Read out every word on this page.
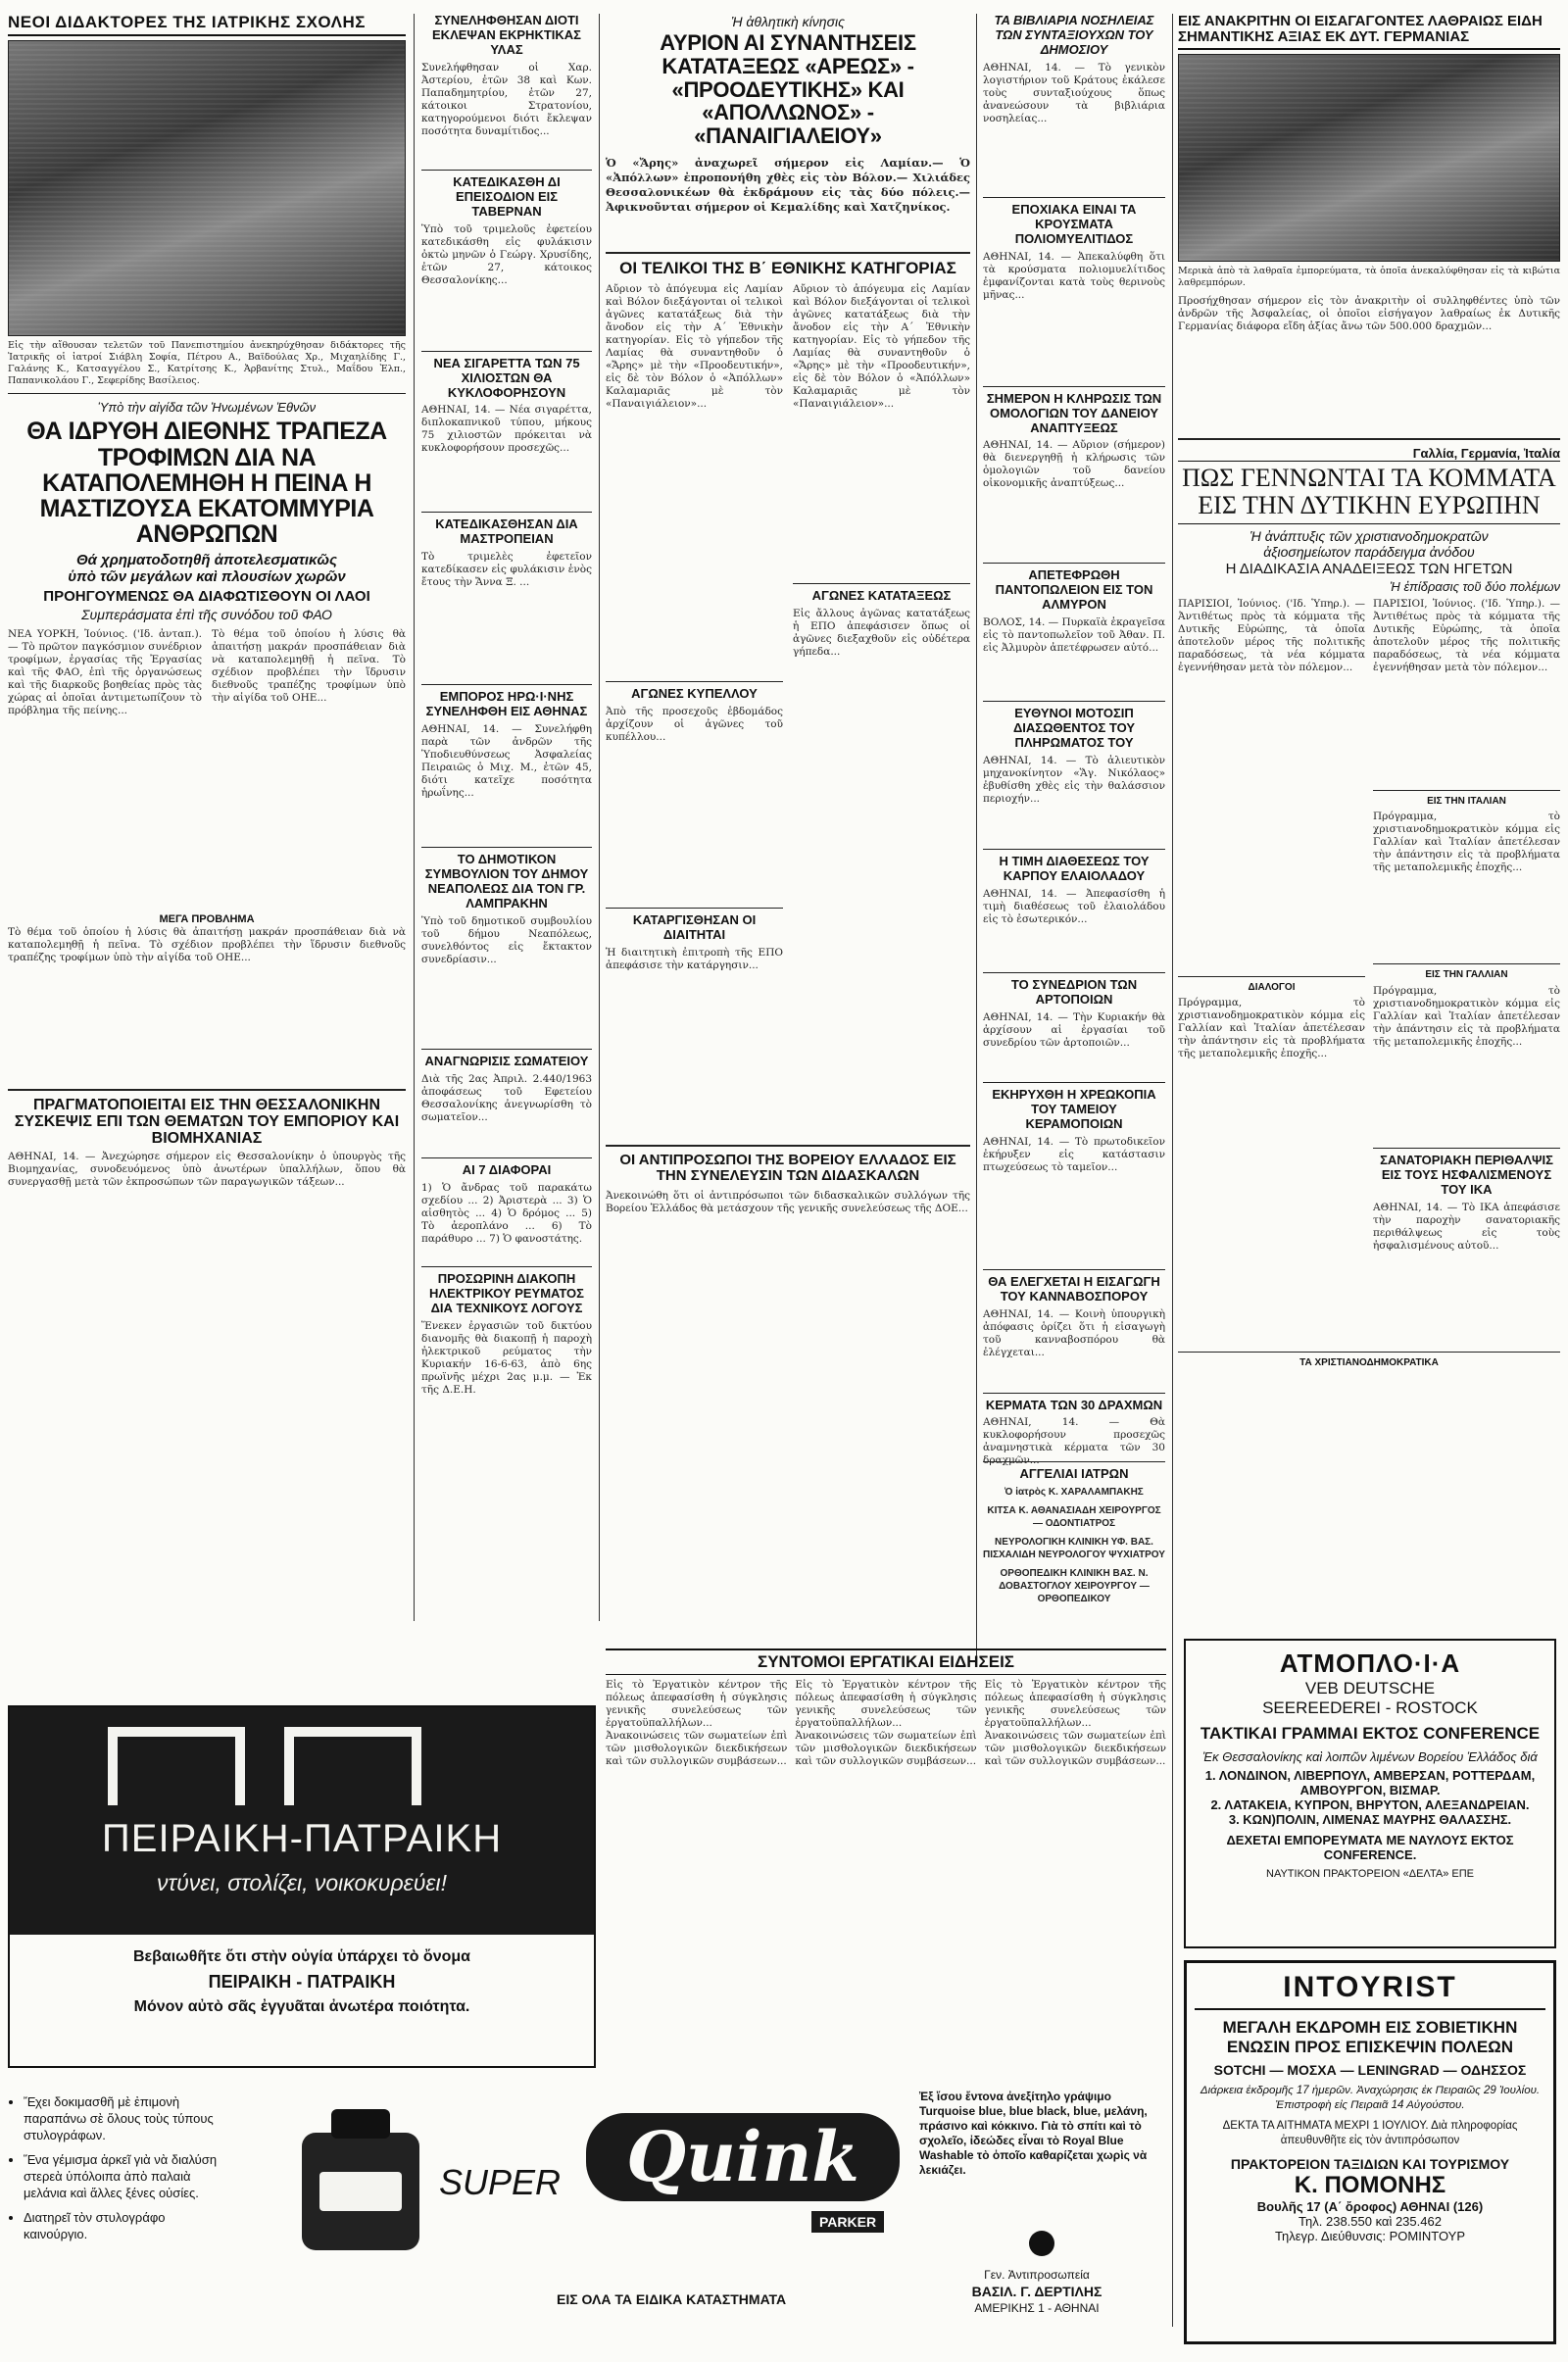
ΝΕΟΙ ΔΙΔΑΚΤΟΡΕΣ ΤΗΣ ΙΑΤΡΙΚΗΣ ΣΧΟΛΗΣ

Εἰς τὴν αἴθουσαν τελετῶν τοῦ Πανεπιστημίου ἀνεκηρύχθησαν διδάκτορες τῆς Ἰατρικῆς οἱ ἰατροί Σιάβλη Σοφία, Πέτρου Α., Βαϊδούλας Χρ., Μιχαηλίδης Γ., Γαλάνης Κ., Κατσαγγέλου Σ., Κατρίτσης Κ., Ἀρβανίτης Στυλ., Μαΐδου Ἐλπ., Παπανικολάου Γ., Σεφερίδης Βασίλειος.

Ὑπὸ τὴν αἰγίδα τῶν Ἡνωμένων Ἐθνῶν

ΘΑ ΙΔΡΥΘΗ ΔΙΕΘΝΗΣ ΤΡΑΠΕΖΑ ΤΡΟΦΙΜΩΝ ΔΙΑ ΝΑ ΚΑΤΑΠΟΛΕΜΗΘΗ Η ΠΕΙΝΑ Η ΜΑΣΤΙΖΟΥΣΑ ΕΚΑΤΟΜΜΥΡΙΑ ΑΝΘΡΩΠΩΝ

Θά χρηματοδοτηθῆ ἀποτελεσματικῶς

ὑπὸ τῶν μεγάλων καὶ πλουσίων χωρῶν

ΠΡΟΗΓΟΥΜΕΝΩΣ ΘΑ ΔΙΑΦΩΤΙΣΘΟΥΝ ΟΙ ΛΑΟΙ

Συμπεράσματα ἐπὶ τῆς συνόδου τοῦ ΦΑΟ

ΝΕΑ ΥΟΡΚΗ, Ἰούνιος. ('Ιδ. ἀνταπ.). — Τὸ πρῶτον παγκόσμιον συνέδριον τροφίμων, ἐργασίας τῆς Ἐργασίας καὶ τῆς ΦΑΟ, ἐπὶ τῆς ὀργανώσεως καὶ τῆς διαρκοῦς βοηθείας πρὸς τὰς χώρας αἱ ὁποῖαι ἀντιμετωπίζουν τὸ πρόβλημα τῆς πείνης...

Τὸ θέμα τοῦ ὁποίου ἡ λύσις θὰ ἀπαιτήσῃ μακράν προσπάθειαν διὰ νὰ καταπολεμηθῇ ἡ πεῖνα. Τὸ σχέδιον προβλέπει τὴν ἵδρυσιν διεθνοῦς τραπέζης τροφίμων ὑπὸ τὴν αἰγίδα τοῦ ΟΗΕ...

ΜΕΓΑ ΠΡΟΒΛΗΜΑ

Τὸ θέμα τοῦ ὁποίου ἡ λύσις θὰ ἀπαιτήσῃ μακράν προσπάθειαν διὰ νὰ καταπολεμηθῇ ἡ πεῖνα. Τὸ σχέδιον προβλέπει τὴν ἵδρυσιν διεθνοῦς τραπέζης τροφίμων ὑπὸ τὴν αἰγίδα τοῦ ΟΗΕ...

ΠΡΑΓΜΑΤΟΠΟΙΕΙΤΑΙ ΕΙΣ ΤΗΝ ΘΕΣΣΑΛΟΝΙΚΗΝ ΣΥΣΚΕΨΙΣ ΕΠΙ ΤΩΝ ΘΕΜΑΤΩΝ ΤΟΥ ΕΜΠΟΡΙΟΥ ΚΑΙ ΒΙΟΜΗΧΑΝΙΑΣ

ΑΘΗΝΑΙ, 14. — Ἀνεχώρησε σήμερον εἰς Θεσσαλονίκην ὁ ὑπουργὸς τῆς Βιομηχανίας, συνοδευόμενος ὑπὸ ἀνωτέρων ὑπαλλήλων, ὅπου θὰ συνεργασθῇ μετὰ τῶν ἐκπροσώπων τῶν παραγωγικῶν τάξεων...

ΣΥΝΕΛΗΦΘΗΣΑΝ ΔΙΟΤΙ ΕΚΛΕΨΑΝ ΕΚΡΗΚΤΙΚΑΣ ΥΛΑΣ

Συνελήφθησαν οἱ Χαρ. Ἀστερίου, ἐτῶν 38 καὶ Κων. Παπαδημητρίου, ἐτῶν 27, κάτοικοι Στρατονίου, κατηγορούμενοι διότι ἔκλεψαν ποσότητα δυναμίτιδος...

ΚΑΤΕΔΙΚΑΣΘΗ ΔΙ ΕΠΕΙΣΟΔΙΟΝ ΕΙΣ ΤΑΒΕΡΝΑΝ

Ὑπὸ τοῦ τριμελοῦς ἐφετείου κατεδικάσθη εἰς φυλάκισιν ὀκτὼ μηνῶν ὁ Γεώργ. Χρυσίδης, ἐτῶν 27, κάτοικος Θεσσαλονίκης...

ΝΕΑ ΣΙΓΑΡΕΤΤΑ ΤΩΝ 75 ΧΙΛΙΟΣΤΩΝ ΘΑ ΚΥΚΛΟΦΟΡΗΣΟΥΝ

ΑΘΗΝΑΙ, 14. — Νέα σιγαρέττα, διπλοκαπνικοῦ τύπου, μήκους 75 χιλιοστῶν πρόκειται νὰ κυκλοφορήσουν προσεχῶς...

ΚΑΤΕΔΙΚΑΣΘΗΣΑΝ ΔΙΑ ΜΑΣΤΡΟΠΕΙΑΝ

Τὸ τριμελὲς ἐφετεῖον κατεδίκασεν εἰς φυλάκισιν ἑνὸς ἔτους τὴν Ἄννα Ξ. ...

ΕΜΠΟΡΟΣ ΗΡΩ·Ι·ΝΗΣ ΣΥΝΕΛΗΦΘΗ ΕΙΣ ΑΘΗΝΑΣ

ΑΘΗΝΑΙ, 14. — Συνελήφθη παρὰ τῶν ἀνδρῶν τῆς Ὑποδιευθύνσεως Ἀσφαλείας Πειραιῶς ὁ Μιχ. Μ., ἐτῶν 45, διότι κατεῖχε ποσότητα ἡρωΐνης...

ΤΟ ΔΗΜΟΤΙΚΟΝ ΣΥΜΒΟΥΛΙΟΝ ΤΟΥ ΔΗΜΟΥ ΝΕΑΠΟΛΕΩΣ ΔΙΑ ΤΟΝ ΓΡ. ΛΑΜΠΡΑΚΗΝ

Ὑπὸ τοῦ δημοτικοῦ συμβουλίου τοῦ δήμου Νεαπόλεως, συνελθόντος εἰς ἔκτακτον συνεδρίασιν...

ΑΝΑΓΝΩΡΙΣΙΣ ΣΩΜΑΤΕΙΟΥ

Διὰ τῆς 2ας Ἀπριλ. 2.440/1963 ἀποφάσεως τοῦ Εφετείου Θεσσαλονίκης ἀνεγνωρίσθη τὸ σωματεῖον...

ΑΙ 7 ΔΙΑΦΟΡΑΙ

1) Ὁ ἄνδρας τοῦ παρακάτω σχεδίου ... 2) Ἀριστερὰ ... 3) Ὁ αἰσθητὸς ... 4) Ὁ δρόμος ... 5) Τὸ ἀεροπλάνο ... 6) Τὸ παράθυρο ... 7) Ὁ φανοστάτης.

ΠΡΟΣΩΡΙΝΗ ΔΙΑΚΟΠΗ ΗΛΕΚΤΡΙΚΟΥ ΡΕΥΜΑΤΟΣ ΔΙΑ ΤΕΧΝΙΚΟΥΣ ΛΟΓΟΥΣ

Ἕνεκεν ἐργασιῶν τοῦ δικτύου διανομῆς θὰ διακοπῇ ἡ παροχὴ ἠλεκτρικοῦ ρεύματος τὴν Κυριακήν 16-6-63, ἀπὸ 6ης πρωϊνῆς μέχρι 2ας μ.μ. — Ἐκ τῆς Δ.Ε.Η.

Ἡ ἀθλητικὴ κίνησις

ΑΥΡΙΟΝ ΑΙ ΣΥΝΑΝΤΗΣΕΙΣ ΚΑΤΑΤΑΞΕΩΣ «ΑΡΕΩΣ» - «ΠΡΟΟΔΕΥΤΙΚΗΣ» ΚΑΙ «ΑΠΟΛΛΩΝΟΣ» - «ΠΑΝΑΙΓΙΑΛΕΙΟΥ»

Ὁ «Ἄρης» ἀναχωρεῖ σήμερον εἰς Λαμίαν.— Ὁ «Ἀπόλλων» ἐπροπονήθη χθὲς εἰς τὸν Βόλον.— Χιλιάδες Θεσσαλονικέων θὰ ἐκδράμουν εἰς τὰς δύο πόλεις.— Ἀφικνοῦνται σήμερον οἱ Κεμαλίδης καὶ Χατζηνίκος.

ΟΙ ΤΕΛΙΚΟΙ ΤΗΣ Β΄ ΕΘΝΙΚΗΣ ΚΑΤΗΓΟΡΙΑΣ

Αὔριον τὸ ἀπόγευμα εἰς Λαμίαν καὶ Βόλον διεξάγονται οἱ τελικοὶ ἀγῶνες κατατάξεως διὰ τὴν ἄνοδον εἰς τὴν Α΄ Ἐθνικὴν κατηγορίαν. Εἰς τὸ γήπεδον τῆς Λαμίας θὰ συναντηθοῦν ὁ «Ἄρης» μὲ τὴν «Προοδευτικήν», εἰς δὲ τὸν Βόλον ὁ «Ἀπόλλων» Καλαμαριᾶς μὲ τὸν «Παναιγιάλειον»...

ΑΓΩΝΕΣ ΚΥΠΕΛΛΟΥ

Ἀπὸ τῆς προσεχοῦς ἑβδομάδος ἀρχίζουν οἱ ἀγῶνες τοῦ κυπέλλου...

ΚΑΤΑΡΓΙΣΘΗΣΑΝ ΟΙ ΔΙΑΙΤΗΤΑΙ

Ἡ διαιτητικὴ ἐπιτροπὴ τῆς ΕΠΟ ἀπεφάσισε τὴν κατάργησιν...

Αὔριον τὸ ἀπόγευμα εἰς Λαμίαν καὶ Βόλον διεξάγονται οἱ τελικοὶ ἀγῶνες κατατάξεως διὰ τὴν ἄνοδον εἰς τὴν Α΄ Ἐθνικὴν κατηγορίαν. Εἰς τὸ γήπεδον τῆς Λαμίας θὰ συναντηθοῦν ὁ «Ἄρης» μὲ τὴν «Προοδευτικήν», εἰς δὲ τὸν Βόλον ὁ «Ἀπόλλων» Καλαμαριᾶς μὲ τὸν «Παναιγιάλειον»...

ΑΓΩΝΕΣ ΚΑΤΑΤΑΞΕΩΣ

Εἰς ἄλλους ἀγῶνας κατατάξεως ἡ ΕΠΟ ἀπεφάσισεν ὅπως οἱ ἀγῶνες διεξαχθοῦν εἰς οὐδέτερα γήπεδα...

ΟΙ ΑΝΤΙΠΡΟΣΩΠΟΙ ΤΗΣ ΒΟΡΕΙΟΥ ΕΛΛΑΔΟΣ ΕΙΣ ΤΗΝ ΣΥΝΕΛΕΥΣΙΝ ΤΩΝ ΔΙΔΑΣΚΑΛΩΝ

Ἀνεκοινώθη ὅτι οἱ ἀντιπρόσωποι τῶν διδασκαλικῶν συλλόγων τῆς Βορείου Ἑλλάδος θὰ μετάσχουν τῆς γενικῆς συνελεύσεως τῆς ΔΟΕ...

ΤΑ ΒΙΒΛΙΑΡΙΑ ΝΟΣΗΛΕΙΑΣ ΤΩΝ ΣΥΝΤΑΞΙΟΥΧΩΝ ΤΟΥ ΔΗΜΟΣΙΟΥ

ΑΘΗΝΑΙ, 14. — Τὸ γενικὸν λογιστήριον τοῦ Κράτους ἐκάλεσε τοὺς συνταξιούχους ὅπως ἀνανεώσουν τὰ βιβλιάρια νοσηλείας...

ΕΠΟΧΙΑΚΑ ΕΙΝΑΙ ΤΑ ΚΡΟΥΣΜΑΤΑ ΠΟΛΙΟΜΥΕΛΙΤΙΔΟΣ

ΑΘΗΝΑΙ, 14. — Ἀπεκαλύφθη ὅτι τὰ κρούσματα πολιομυελίτιδος ἐμφανίζονται κατὰ τοὺς θερινοὺς μῆνας...

ΣΗΜΕΡΟΝ Η ΚΛΗΡΩΣΙΣ ΤΩΝ ΟΜΟΛΟΓΙΩΝ ΤΟΥ ΔΑΝΕΙΟΥ ΑΝΑΠΤΥΞΕΩΣ

ΑΘΗΝΑΙ, 14. — Αὔριον (σήμερον) θὰ διενεργηθῇ ἡ κλήρωσις τῶν ὁμολογιῶν τοῦ δανείου οἰκονομικῆς ἀναπτύξεως...

ΑΠΕΤΕΦΡΩΘΗ ΠΑΝΤΟΠΩΛΕΙΟΝ ΕΙΣ ΤΟΝ ΑΛΜΥΡΟΝ

ΒΟΛΟΣ, 14. — Πυρκαϊὰ ἐκραγεῖσα εἰς τὸ παντοπωλεῖον τοῦ Ἀθαν. Π. εἰς Ἀλμυρὸν ἀπετέφρωσεν αὐτό...

ΕΥΘΥΝΟΙ ΜΟΤΟΣΙΠ ΔΙΑΣΩΘΕΝΤΟΣ ΤΟΥ ΠΛΗΡΩΜΑΤΟΣ ΤΟΥ

ΑΘΗΝΑΙ, 14. — Τὸ ἀλιευτικὸν μηχανοκίνητον «Ἅγ. Νικόλαος» ἐβυθίσθη χθὲς εἰς τὴν θαλάσσιον περιοχήν...

Η ΤΙΜΗ ΔΙΑΘΕΣΕΩΣ ΤΟΥ ΚΑΡΠΟΥ ΕΛΑΙΟΛΑΔΟΥ

ΑΘΗΝΑΙ, 14. — Ἀπεφασίσθη ἡ τιμὴ διαθέσεως τοῦ ἐλαιολάδου εἰς τὸ ἐσωτερικόν...

ΤΟ ΣΥΝΕΔΡΙΟΝ ΤΩΝ ΑΡΤΟΠΟΙΩΝ

ΑΘΗΝΑΙ, 14. — Τὴν Κυριακήν θὰ ἀρχίσουν αἱ ἐργασίαι τοῦ συνεδρίου τῶν ἀρτοποιῶν...

ΕΚΗΡΥΧΘΗ Η ΧΡΕΩΚΟΠΙΑ ΤΟΥ ΤΑΜΕΙΟΥ ΚΕΡΑΜΟΠΟΙΩΝ

ΑΘΗΝΑΙ, 14. — Τὸ πρωτοδικεῖον ἐκήρυξεν εἰς κατάστασιν πτωχεύσεως τὸ ταμεῖον...

ΘΑ ΕΛΕΓΧΕΤΑΙ Η ΕΙΣΑΓΩΓΗ ΤΟΥ ΚΑΝΝΑΒΟΣΠΟΡΟΥ

ΑΘΗΝΑΙ, 14. — Κοινὴ ὑπουργικὴ ἀπόφασις ὁρίζει ὅτι ἡ εἰσαγωγὴ τοῦ κανναβοσπόρου θὰ ἐλέγχεται...

ΚΕΡΜΑΤΑ ΤΩΝ 30 ΔΡΑΧΜΩΝ

ΑΘΗΝΑΙ, 14. — Θὰ κυκλοφορήσουν προσεχῶς ἀναμνηστικὰ κέρματα τῶν 30 δραχμῶν...

ΑΓΓΕΛΙΑΙ ΙΑΤΡΩΝ

Ὁ ἰατρὸς Κ. ΧΑΡΑΛΑΜΠΑΚΗΣ

ΚΙΤΣΑ Κ. ΑΘΑΝΑΣΙΑΔΗ ΧΕΙΡΟΥΡΓΟΣ — ΟΔΟΝΤΙΑΤΡΟΣ

ΝΕΥΡΟΛΟΓΙΚΗ ΚΛΙΝΙΚΗ ΥΦ. ΒΑΣ. ΠΙΣΧΑΛΙΔΗ ΝΕΥΡΟΛΟΓΟΥ ΨΥΧΙΑΤΡΟΥ

ΟΡΘΟΠΕΔΙΚΗ ΚΛΙΝΙΚΗ ΒΑΣ. Ν. ΔΟΒΑΣΤΟΓΛΟΥ ΧΕΙΡΟΥΡΓΟΥ — ΟΡΘΟΠΕΔΙΚΟΥ

ΕΙΣ ΑΝΑΚΡΙΤΗΝ ΟΙ ΕΙΣΑΓΑΓΟΝΤΕΣ ΛΑΘΡΑΙΩΣ ΕΙΔΗ ΣΗΜΑΝΤΙΚΗΣ ΑΞΙΑΣ ΕΚ ΔΥΤ. ΓΕΡΜΑΝΙΑΣ

Μερικὰ ἀπὸ τὰ λαθραῖα ἐμπορεύματα, τὰ ὁποῖα ἀνεκαλύφθησαν εἰς τὰ κιβώτια λαθρεμπόρων.

Προσήχθησαν σήμερον εἰς τὸν ἀνακριτὴν οἱ συλληφθέντες ὑπὸ τῶν ἀνδρῶν τῆς Ἀσφαλείας, οἱ ὁποῖοι εἰσήγαγον λαθραίως ἐκ Δυτικῆς Γερμανίας διάφορα εἴδη ἀξίας ἄνω τῶν 500.000 δραχμῶν...

Γαλλία, Γερμανία, Ἰταλία

ΠΩΣ ΓΕΝΝΩΝΤΑΙ ΤΑ ΚΟΜΜΑΤΑ ΕΙΣ ΤΗΝ ΔΥΤΙΚΗΝ ΕΥΡΩΠΗΝ

Ἡ ἀνάπτυξις τῶν χριστιανοδημοκρατῶν

ἀξιοσημείωτον παράδειγμα ἀνόδου

Η ΔΙΑΔΙΚΑΣΙΑ ΑΝΑΔΕΙΞΕΩΣ ΤΩΝ ΗΓΕΤΩΝ

Ἡ ἐπίδρασις τοῦ δύο πολέμων

ΠΑΡΙΣΙΟΙ, Ἰούνιος. ('Ιδ. Ὑπηρ.). — Ἀντιθέτως πρὸς τὰ κόμματα τῆς Δυτικῆς Εὐρώπης, τὰ ὁποῖα ἀποτελοῦν μέρος τῆς πολιτικῆς παραδόσεως, τὰ νέα κόμματα ἐγεννήθησαν μετὰ τὸν πόλεμον...

ΔΙΑΛΟΓΟΙ

Πρόγραμμα, τὸ χριστιανοδημοκρατικὸν κόμμα εἰς Γαλλίαν καὶ Ἰταλίαν ἀπετέλεσαν τὴν ἀπάντησιν εἰς τὰ προβλήματα τῆς μεταπολεμικῆς ἐποχῆς...

ΠΑΡΙΣΙΟΙ, Ἰούνιος. ('Ιδ. Ὑπηρ.). — Ἀντιθέτως πρὸς τὰ κόμματα τῆς Δυτικῆς Εὐρώπης, τὰ ὁποῖα ἀποτελοῦν μέρος τῆς πολιτικῆς παραδόσεως, τὰ νέα κόμματα ἐγεννήθησαν μετὰ τὸν πόλεμον...

ΕΙΣ ΤΗΝ ΙΤΑΛΙΑΝ

Πρόγραμμα, τὸ χριστιανοδημοκρατικὸν κόμμα εἰς Γαλλίαν καὶ Ἰταλίαν ἀπετέλεσαν τὴν ἀπάντησιν εἰς τὰ προβλήματα τῆς μεταπολεμικῆς ἐποχῆς...

ΕΙΣ ΤΗΝ ΓΑΛΛΙΑΝ

Πρόγραμμα, τὸ χριστιανοδημοκρατικὸν κόμμα εἰς Γαλλίαν καὶ Ἰταλίαν ἀπετέλεσαν τὴν ἀπάντησιν εἰς τὰ προβλήματα τῆς μεταπολεμικῆς ἐποχῆς...

ΣΑΝΑΤΟΡΙΑΚΗ ΠΕΡΙΘΑΛΨΙΣ ΕΙΣ ΤΟΥΣ ΗΣΦΑΛΙΣΜΕΝΟΥΣ ΤΟΥ ΙΚΑ

ΑΘΗΝΑΙ, 14. — Τὸ ΙΚΑ ἀπεφάσισε τὴν παροχὴν σανατοριακῆς περιθάλψεως εἰς τοὺς ἠσφαλισμένους αὐτοῦ...

ΤΑ ΧΡΙΣΤΙΑΝΟΔΗΜΟΚΡΑΤΙΚΑ

ΑΤΜΟΠΛΟ·Ι·Α
VEB DEUTSCHE
SEEREEDEREI - ROSTOCK
ΤΑΚΤΙΚΑΙ ΓΡΑΜΜΑΙ ΕΚΤΟΣ CONFERENCE
Ἐκ Θεσσαλονίκης καὶ λοιπῶν λιμένων Βορείου Ἑλλάδος διά
1. ΛΟΝΔΙΝΟΝ, ΛΙΒΕΡΠΟΥΛ, ΑΜΒΕΡΣΑΝ, ΡΟΤΤΕΡΔΑΜ, ΑΜΒΟΥΡΓΟΝ, ΒΙΣΜΑΡ.
2. ΛΑΤΑΚΕΙΑ, ΚΥΠΡΟΝ, ΒΗΡΥΤΟΝ, ΑΛΕΞΑΝΔΡΕΙΑΝ.
3. ΚΩΝ)ΠΟΛΙΝ, ΛΙΜΕΝΑΣ ΜΑΥΡΗΣ ΘΑΛΑΣΣΗΣ.
ΔΕΧΕΤΑΙ ΕΜΠΟΡΕΥΜΑΤΑ ΜΕ ΝΑΥΛΟΥΣ ΕΚΤΟΣ CONFERENCE.
ΝΑΥΤΙΚΟΝ ΠΡΑΚΤΟΡΕΙΟΝ «ΔΕΛΤΑ» ΕΠΕ
INTOYRIST
ΜΕΓΑΛΗ ΕΚΔΡΟΜΗ ΕΙΣ ΣΟΒΙΕΤΙΚΗΝ ΕΝΩΣΙΝ ΠΡΟΣ ΕΠΙΣΚΕΨΙΝ ΠΟΛΕΩΝ
SOTCHI — ΜΟΣΧΑ — LENINGRAD — ΟΔΗΣΣΟΣ
Διάρκεια ἐκδρομῆς 17 ἡμερῶν. Ἀναχώρησις ἐκ Πειραιῶς 29 Ἰουλίου. Ἐπιστροφὴ εἰς Πειραιᾶ 14 Αὐγούστου.
ΔΕΚΤΑ ΤΑ ΑΙΤΗΜΑΤΑ ΜΕΧΡΙ 1 ΙΟΥΛΙΟΥ. Διὰ πληροφορίας ἀπευθυνθῆτε εἰς τὸν ἀντιπρόσωπον
ΠΡΑΚΤΟΡΕΙΟΝ ΤΑΞΙΔΙΩΝ ΚΑΙ ΤΟΥΡΙΣΜΟΥ
Κ. ΠΟΜΟΝΗΣ
Βουλῆς 17 (Α΄ ὄροφος) ΑΘΗΝΑΙ (126)
Τηλ. 238.550 καὶ 235.462
Τηλεγρ. Διεύθυνσις: ΡΟΜΙΝΤΟΥΡ
ΣΥΝΤΟΜΟΙ ΕΡΓΑΤΙΚΑΙ ΕΙΔΗΣΕΙΣ

Εἰς τὸ Ἐργατικὸν κέντρον τῆς πόλεως ἀπεφασίσθη ἡ σύγκλησις γενικῆς συνελεύσεως τῶν ἐργατοϋπαλλήλων... Ἀνακοινώσεις τῶν σωματείων ἐπὶ τῶν μισθολογικῶν διεκδικήσεων καὶ τῶν συλλογικῶν συμβάσεων...

Εἰς τὸ Ἐργατικὸν κέντρον τῆς πόλεως ἀπεφασίσθη ἡ σύγκλησις γενικῆς συνελεύσεως τῶν ἐργατοϋπαλλήλων... Ἀνακοινώσεις τῶν σωματείων ἐπὶ τῶν μισθολογικῶν διεκδικήσεων καὶ τῶν συλλογικῶν συμβάσεων...

Εἰς τὸ Ἐργατικὸν κέντρον τῆς πόλεως ἀπεφασίσθη ἡ σύγκλησις γενικῆς συνελεύσεως τῶν ἐργατοϋπαλλήλων... Ἀνακοινώσεις τῶν σωματείων ἐπὶ τῶν μισθολογικῶν διεκδικήσεων καὶ τῶν συλλογικῶν συμβάσεων...

ΠΕΙΡΑΙΚΗ-ΠΑΤΡΑΙΚΗ
ντύνει, στολίζει, νοικοκυρεύει!
Βεβαιωθῆτε ὅτι στὴν οὐγία ὑπάρχει τὸ ὄνομα
ΠΕΙΡΑΙΚΗ - ΠΑΤΡΑΙΚΗ
Μόνον αὐτὸ σᾶς ἐγγυᾶται ἀνωτέρα ποιότητα.
• Ἔχει δοκιμασθῆ μὲ ἐπιμονὴ παραπάνω σὲ ὅλους τοὺς τύπους στυλογράφων.
• Ἕνα γέμισμα ἀρκεῖ γιὰ νὰ διαλύση στερεὰ ὑπόλοιπα ἀπὸ παλαιὰ μελάνια καὶ ἄλλες ξένες οὐσίες.
• Διατηρεῖ τὸν στυλογράφο καινούργιο.
SUPER Quink
PARKER
ΕΙΣ ΟΛΑ ΤΑ ΕΙΔΙΚΑ ΚΑΤΑΣΤΗΜΑΤΑ
Ἐξ ἴσου ἔντονα ἀνεξίτηλο γράψιμο Turquoise blue, blue black, blue, μελάνη, πράσινο καὶ κόκκινο. Γιὰ τὸ σπίτι καὶ τὸ σχολεῖο, ἰδεώδες εἶναι τὸ Royal Blue Washable τὸ ὁποῖο καθαρίζεται χωρὶς νὰ λεκιάζει.
Γεν. Ἀντιπροσωπεία
ΒΑΣΙΛ. Γ. ΔΕΡΤΙΛΗΣ
ΑΜΕΡΙΚΗΣ 1 - ΑΘΗΝΑΙ
